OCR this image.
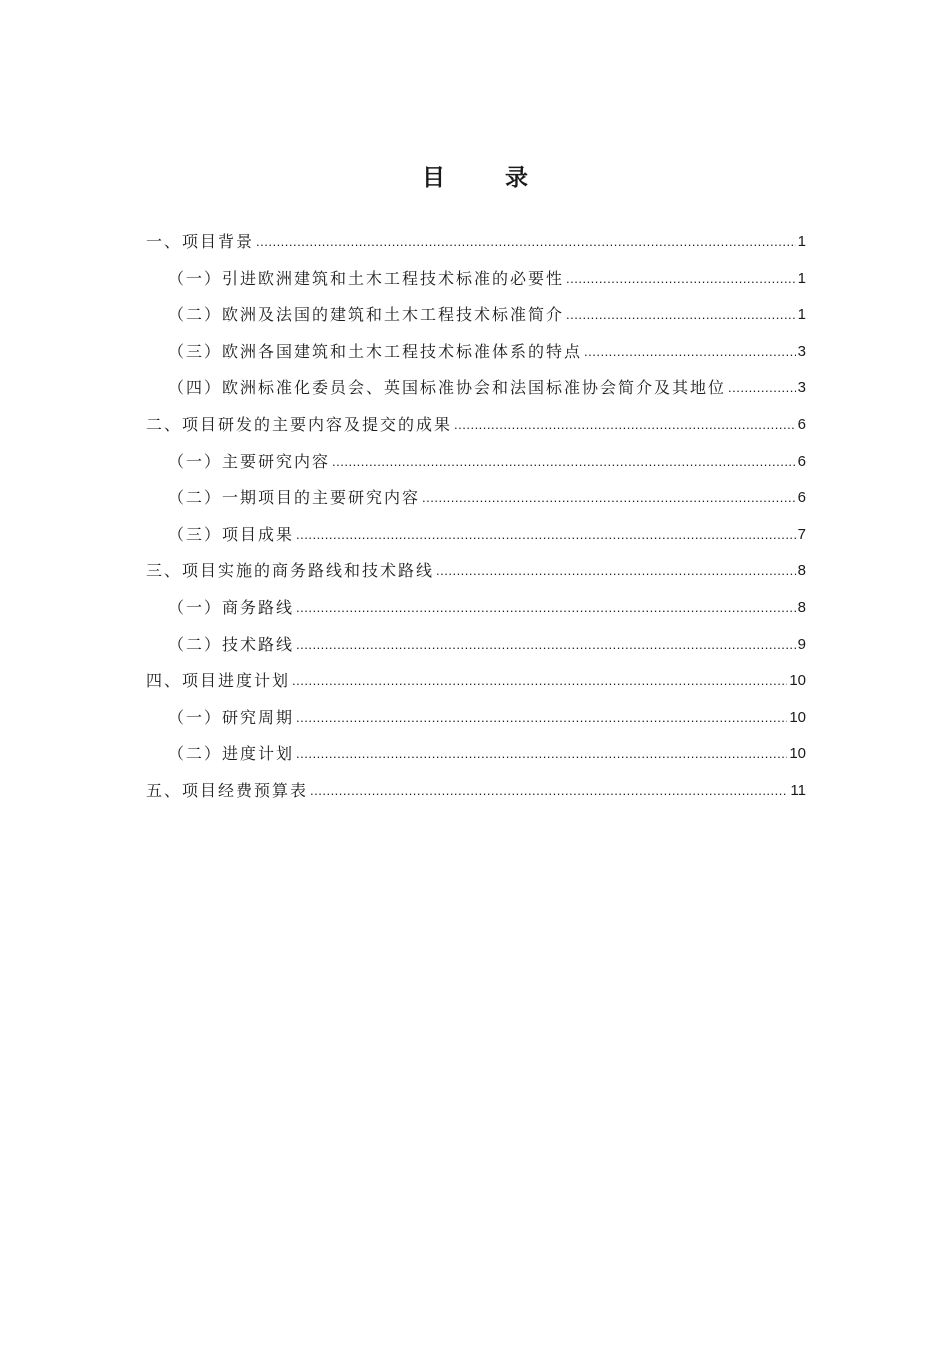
目 录
一、项目背景 .....	1
（一）引进欧洲建筑和土木工程技术标准的必要性 .....	1
（二）欧洲及法国的建筑和土木工程技术标准简介 .....	1
（三）欧洲各国建筑和土木工程技术标准体系的特点 .....	3
（四）欧洲标准化委员会、英国标准协会和法国标准协会简介及其地位 .....	3
二、项目研发的主要内容及提交的成果 .....	6
（一）主要研究内容 .....	6
（二）一期项目的主要研究内容 .....	6
（三）项目成果 .....	7
三、项目实施的商务路线和技术路线 .....	8
（一）商务路线 .....	8
（二）技术路线 .....	9
四、项目进度计划 .....	10
（一）研究周期 .....	10
（二）进度计划 .....	10
五、项目经费预算表 .....	11
